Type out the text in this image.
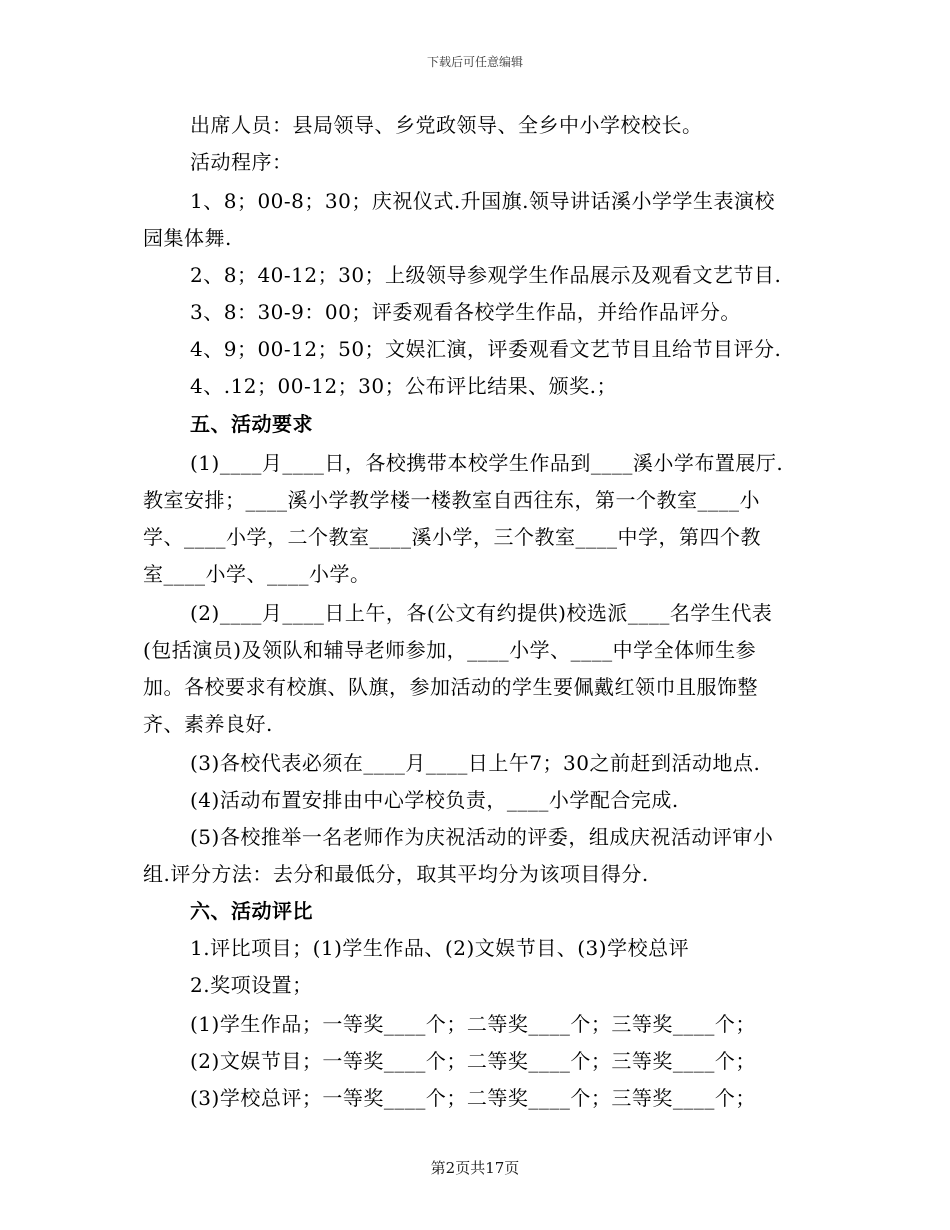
下载后可任意编辑
出席人员：县局领导、乡党政领导、全乡中小学校校长。
活动程序：
1、8；00-8；30；庆祝仪式.升国旗.领导讲话溪小学学生表演校
园集体舞.
2、8；40-12；30；上级领导参观学生作品展示及观看文艺节目.
3、8：30-9：00；评委观看各校学生作品，并给作品评分。
4、9；00-12；50；文娱汇演，评委观看文艺节目且给节目评分.
4、.12；00-12；30；公布评比结果、颁奖.；
五、活动要求
(1)____月____日，各校携带本校学生作品到____溪小学布置展厅.
教室安排；____溪小学教学楼一楼教室自西往东，第一个教室____小
学、____小学，二个教室____溪小学，三个教室____中学，第四个教
室____小学、____小学。
(2)____月____日上午，各(公文有约提供)校选派____名学生代表
(包括演员)及领队和辅导老师参加，____小学、____中学全体师生参
加。各校要求有校旗、队旗，参加活动的学生要佩戴红领巾且服饰整
齐、素养良好.
(3)各校代表必须在____月____日上午7；30之前赶到活动地点.
(4)活动布置安排由中心学校负责，____小学配合完成.
(5)各校推举一名老师作为庆祝活动的评委，组成庆祝活动评审小
组.评分方法：去分和最低分，取其平均分为该项目得分.
六、活动评比
1.评比项目；(1)学生作品、(2)文娱节目、(3)学校总评
2.奖项设置；
(1)学生作品；一等奖____个；二等奖____个；三等奖____个；
(2)文娱节目；一等奖____个；二等奖____个；三等奖____个；
(3)学校总评；一等奖____个；二等奖____个；三等奖____个；
第2页共17页
